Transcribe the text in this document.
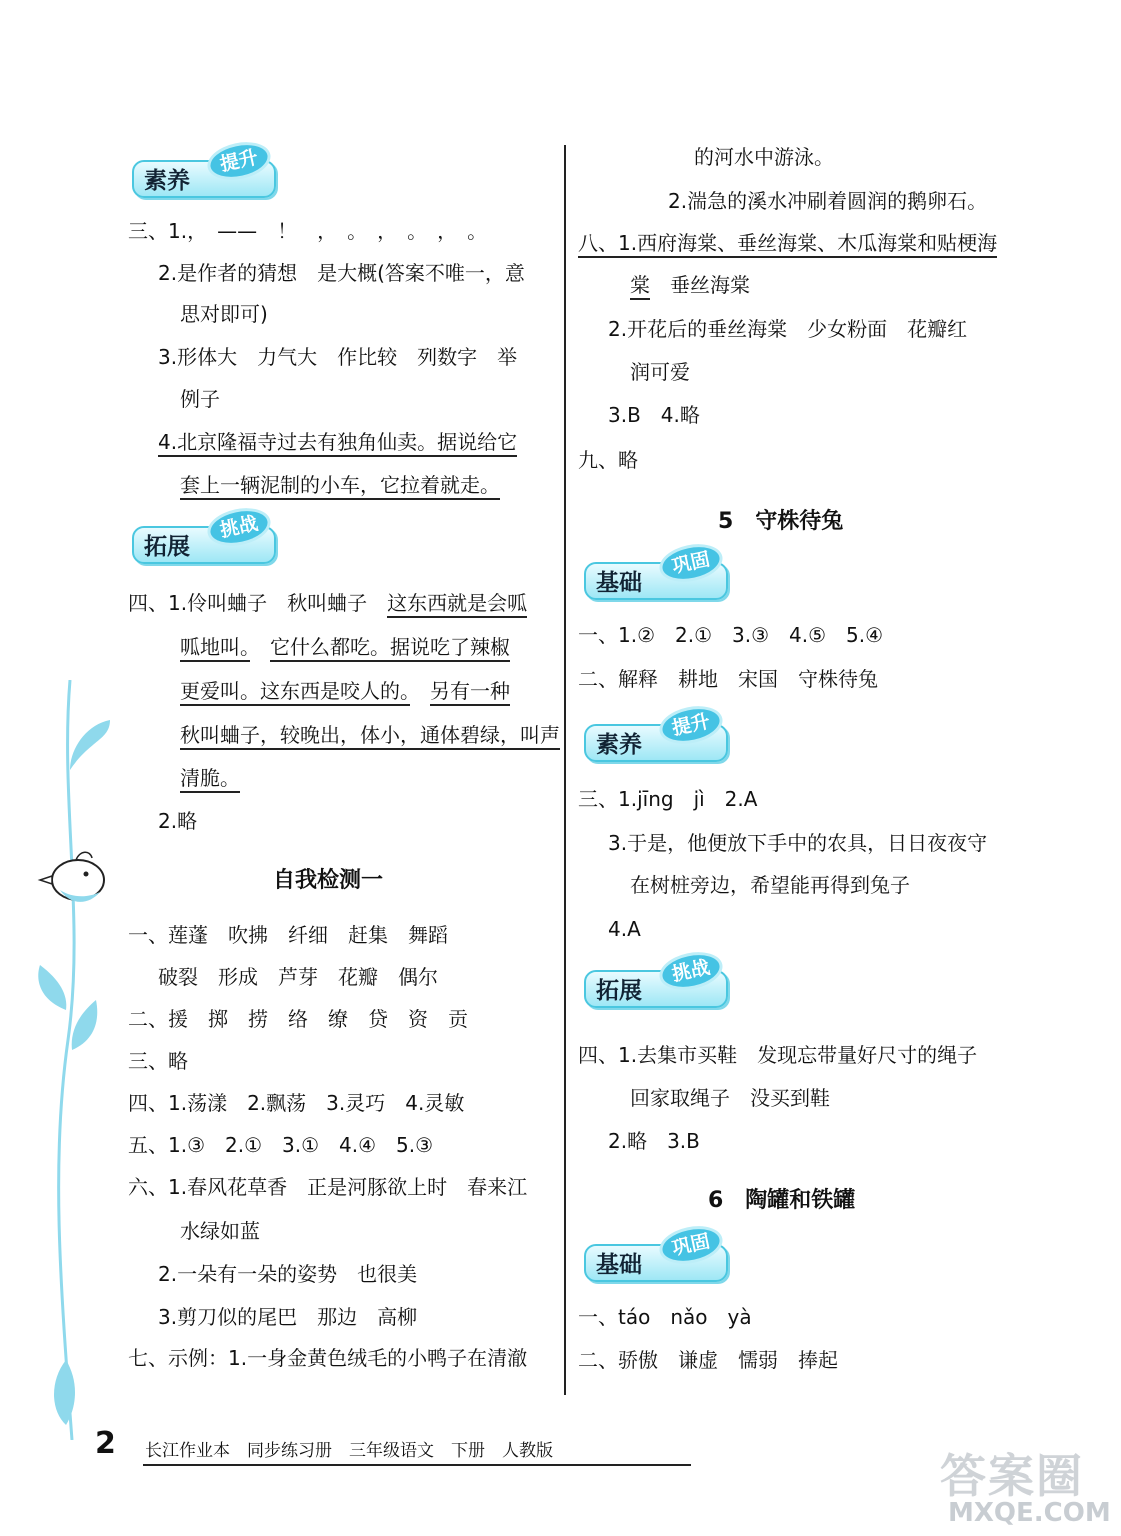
素养
提升
三、1.，　——　！　，　。　，　。　，　。
2.是作者的猜想　是大概(答案不唯一，意
思对即可)
3.形体大　力气大　作比较　列数字　举
例子
4.北京隆福寺过去有独角仙卖。据说给它
套上一辆泥制的小车，它拉着就走。
拓展
挑战
四、1.伶叫蛐子　秋叫蛐子　这东西就是会呱
呱地叫。　 它什么都吃。据说吃了辣椒
更爱叫。这东西是咬人的。　 另有一种
秋叫蛐子，较晚出，体小，通体碧绿，叫声
清脆。
2.略
自我检测一
一、莲蓬　吹拂　纤细　赶集　舞蹈
破裂　形成　芦芽　花瓣　偶尔
二、援　掷　捞　络　缭　贷　资　贡
三、略
四、1.荡漾　2.飘荡　3.灵巧　4.灵敏
五、1.③　2.①　3.①　4.④　5.③
六、1.春风花草香　正是河豚欲上时　春来江
水绿如蓝
2.一朵有一朵的姿势　也很美
3.剪刀似的尾巴　那边　高柳
七、示例：1.一身金黄色绒毛的小鸭子在清澈
的河水中游泳。
2.湍急的溪水冲刷着圆润的鹅卵石。
八、1.西府海棠、垂丝海棠、木瓜海棠和贴梗海
棠　垂丝海棠
2.开花后的垂丝海棠　少女粉面　花瓣红
润可爱
3.B　4.略
九、略
5　守株待兔
基础
巩固
一、1.②　2.①　3.③　4.⑤　5.④
二、解释　耕地　宋国　守株待兔
素养
提升
三、1.jīng　jì　2.A
3.于是，他便放下手中的农具，日日夜夜守
在树桩旁边，希望能再得到兔子
4.A
拓展
挑战
四、1.去集市买鞋　发现忘带量好尺寸的绳子
回家取绳子　没买到鞋
2.略　3.B
6　陶罐和铁罐
基础
巩固
一、táo　nǎo　yà
二、骄傲　谦虚　懦弱　捧起
2 长江作业本　同步练习册　三年级语文　下册　人教版	答案圈
MXQE.COM
